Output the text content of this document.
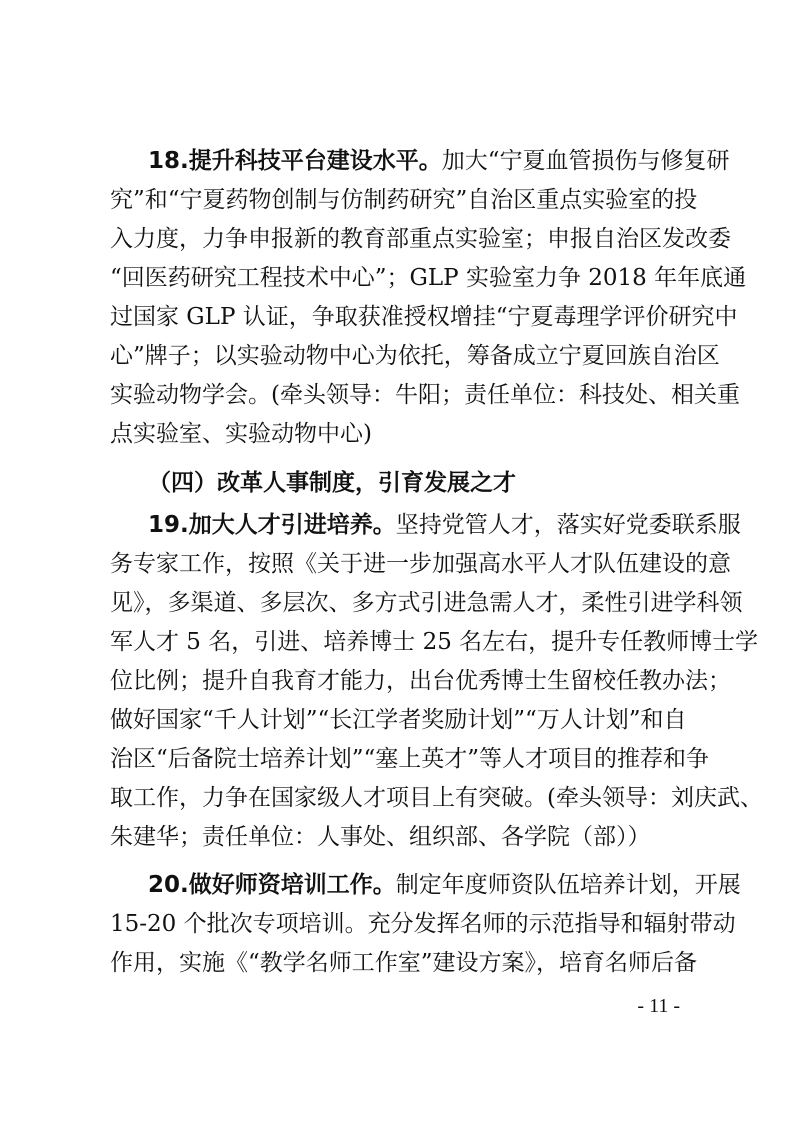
18.提升科技平台建设水平。加大“宁夏血管损伤与修复研
究”和“宁夏药物创制与仿制药研究”自治区重点实验室的投
入力度，力争申报新的教育部重点实验室；申报自治区发改委
“回医药研究工程技术中心”；GLP 实验室力争 2018 年年底通
过国家 GLP 认证，争取获准授权增挂“宁夏毒理学评价研究中
心”牌子；以实验动物中心为依托，筹备成立宁夏回族自治区
实验动物学会。(牵头领导：牛阳；责任单位：科技处、相关重
点实验室、实验动物中心)
（四）改革人事制度，引育发展之才
19.加大人才引进培养。坚持党管人才，落实好党委联系服
务专家工作，按照《关于进一步加强高水平人才队伍建设的意
见》，多渠道、多层次、多方式引进急需人才，柔性引进学科领
军人才 5 名，引进、培养博士 25 名左右，提升专任教师博士学
位比例；提升自我育才能力，出台优秀博士生留校任教办法；
做好国家“千人计划”“长江学者奖励计划”“万人计划”和自
治区“后备院士培养计划”“塞上英才”等人才项目的推荐和争
取工作，力争在国家级人才项目上有突破。(牵头领导：刘庆武、
朱建华；责任单位：人事处、组织部、各学院（部））
20.做好师资培训工作。制定年度师资队伍培养计划，开展
15-20 个批次专项培训。充分发挥名师的示范指导和辐射带动
作用，实施《“教学名师工作室”建设方案》，培育名师后备
- 11 -
